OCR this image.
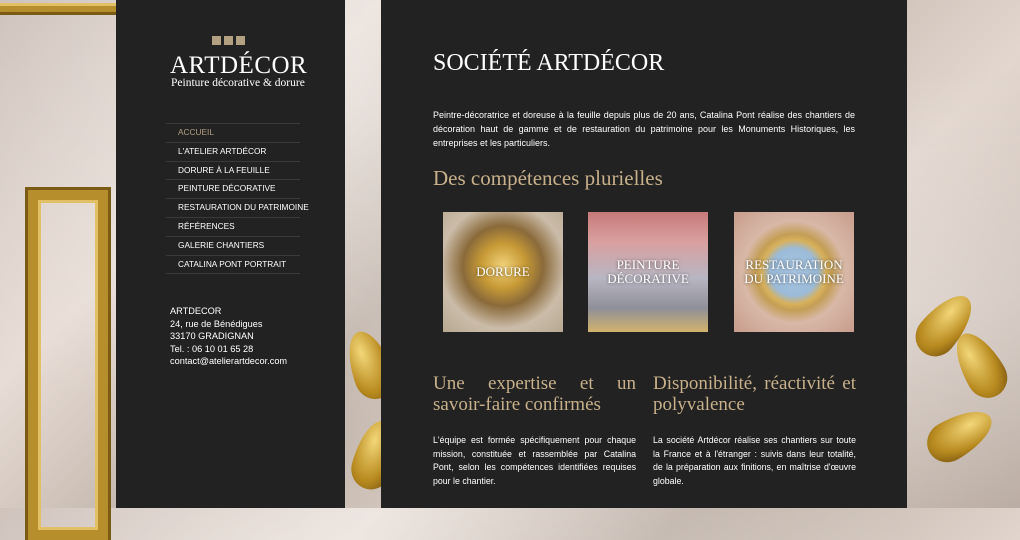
ARTDÉCOR
Peinture décorative & dorure
ACCUEIL
L'ATELIER ARTDÉCOR
DORURE À LA FEUILLE
PEINTURE DÉCORATIVE
RESTAURATION DU PATRIMOINE
RÉFÉRENCES
GALERIE CHANTIERS
CATALINA PONT PORTRAIT
ARTDECOR
24, rue de Bénédigues
33170 GRADIGNAN
Tel. : 06 10 01 65 28
contact@atelierartdecor.com
SOCIÉTÉ ARTDÉCOR

Peintre-décoratrice et doreuse à la feuille depuis plus de 20 ans, Catalina Pont réalise des chantiers de décoration haut de gamme et de restauration du patrimoine pour les Monuments Historiques, les entreprises et les particuliers.

Des compétences plurielles
DORURE	PEINTURE DÉCORATIVE
RESTAURATION DU PATRIMOINE
Une expertise et un savoir-faire confirmés

L'équipe est formée spécifiquement pour chaque mission, constituée et rassemblée par Catalina Pont, selon les compétences identifiées requises pour le chantier.

Disponibilité, réactivité et polyvalence

La société Artdécor réalise ses chantiers sur toute la France et à l'étranger : suivis dans leur totalité, de la préparation aux finitions, en maîtrise d'œuvre globale.
